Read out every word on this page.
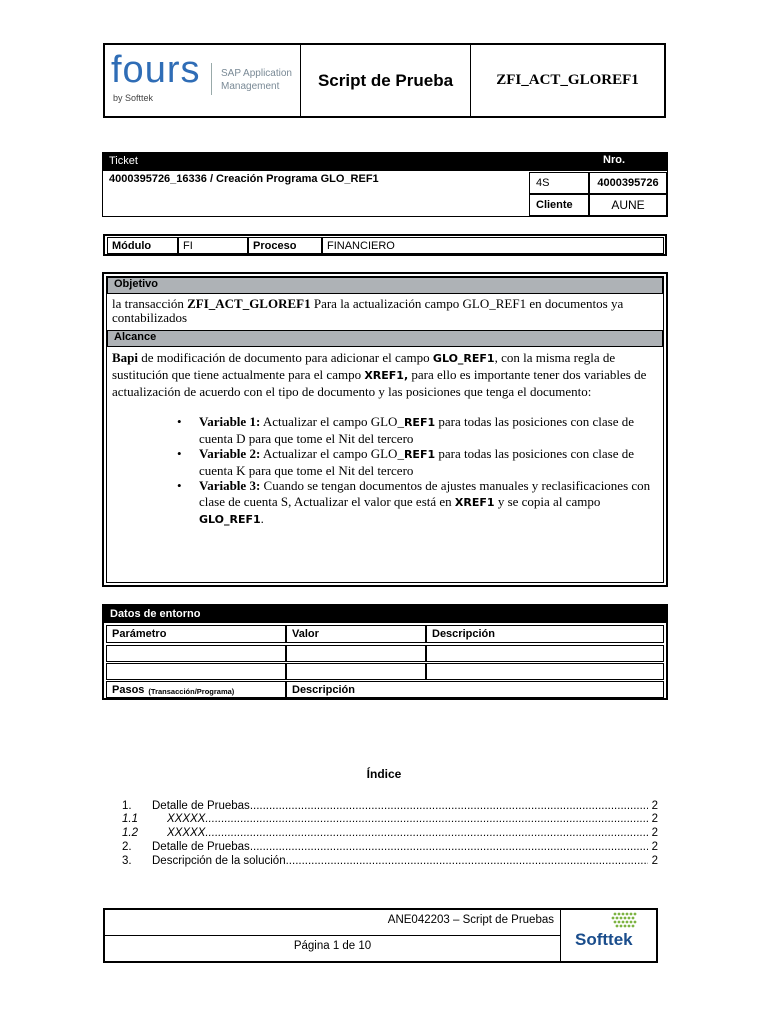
fours
by Softtek
SAP Application
Management	Script de Prueba	ZFI_ACT_GLOREF1
Ticket	Nro.
4000395726_16336 / Creación Programa GLO_REF1	4S	4000395726
Cliente	AUNE
Módulo	FI	Proceso	FINANCIERO
Objetivo
la transacción ZFI_ACT_GLOREF1 Para la actualización campo GLO_REF1 en documentos ya contabilizados
Alcance
Bapi de modificación de documento para adicionar el campo GLO_REF1, con la misma regla de sustitución que tiene actualmente para el campo XREF1, para ello es importante tener dos variables de actualización de acuerdo con el tipo de documento y las posiciones que tenga el documento:
• Variable 1: Actualizar el campo GLO_REF1 para todas las posiciones con clase de cuenta D para que tome el Nit del tercero
• Variable 2: Actualizar el campo GLO_REF1 para todas las posiciones con clase de cuenta K para que tome el Nit del tercero
• Variable 3: Cuando se tengan documentos de ajustes manuales y reclasificaciones con clase de cuenta S, Actualizar el valor que está en XREF1 y se copia al campo GLO_REF1.
Datos de entorno
Parámetro	Valor	Descripción
Pasos (Transacción/Programa)	Descripción
Índice
1. Detalle de Pruebas .....	2
1.1	XXXXX .....	2
1.2	XXXXX .....	2
2. Detalle de Pruebas .....	2
3. Descripción de la solución .....	2
ANE042203 – Script de Pruebas
Página 1 de 10	Softtek
